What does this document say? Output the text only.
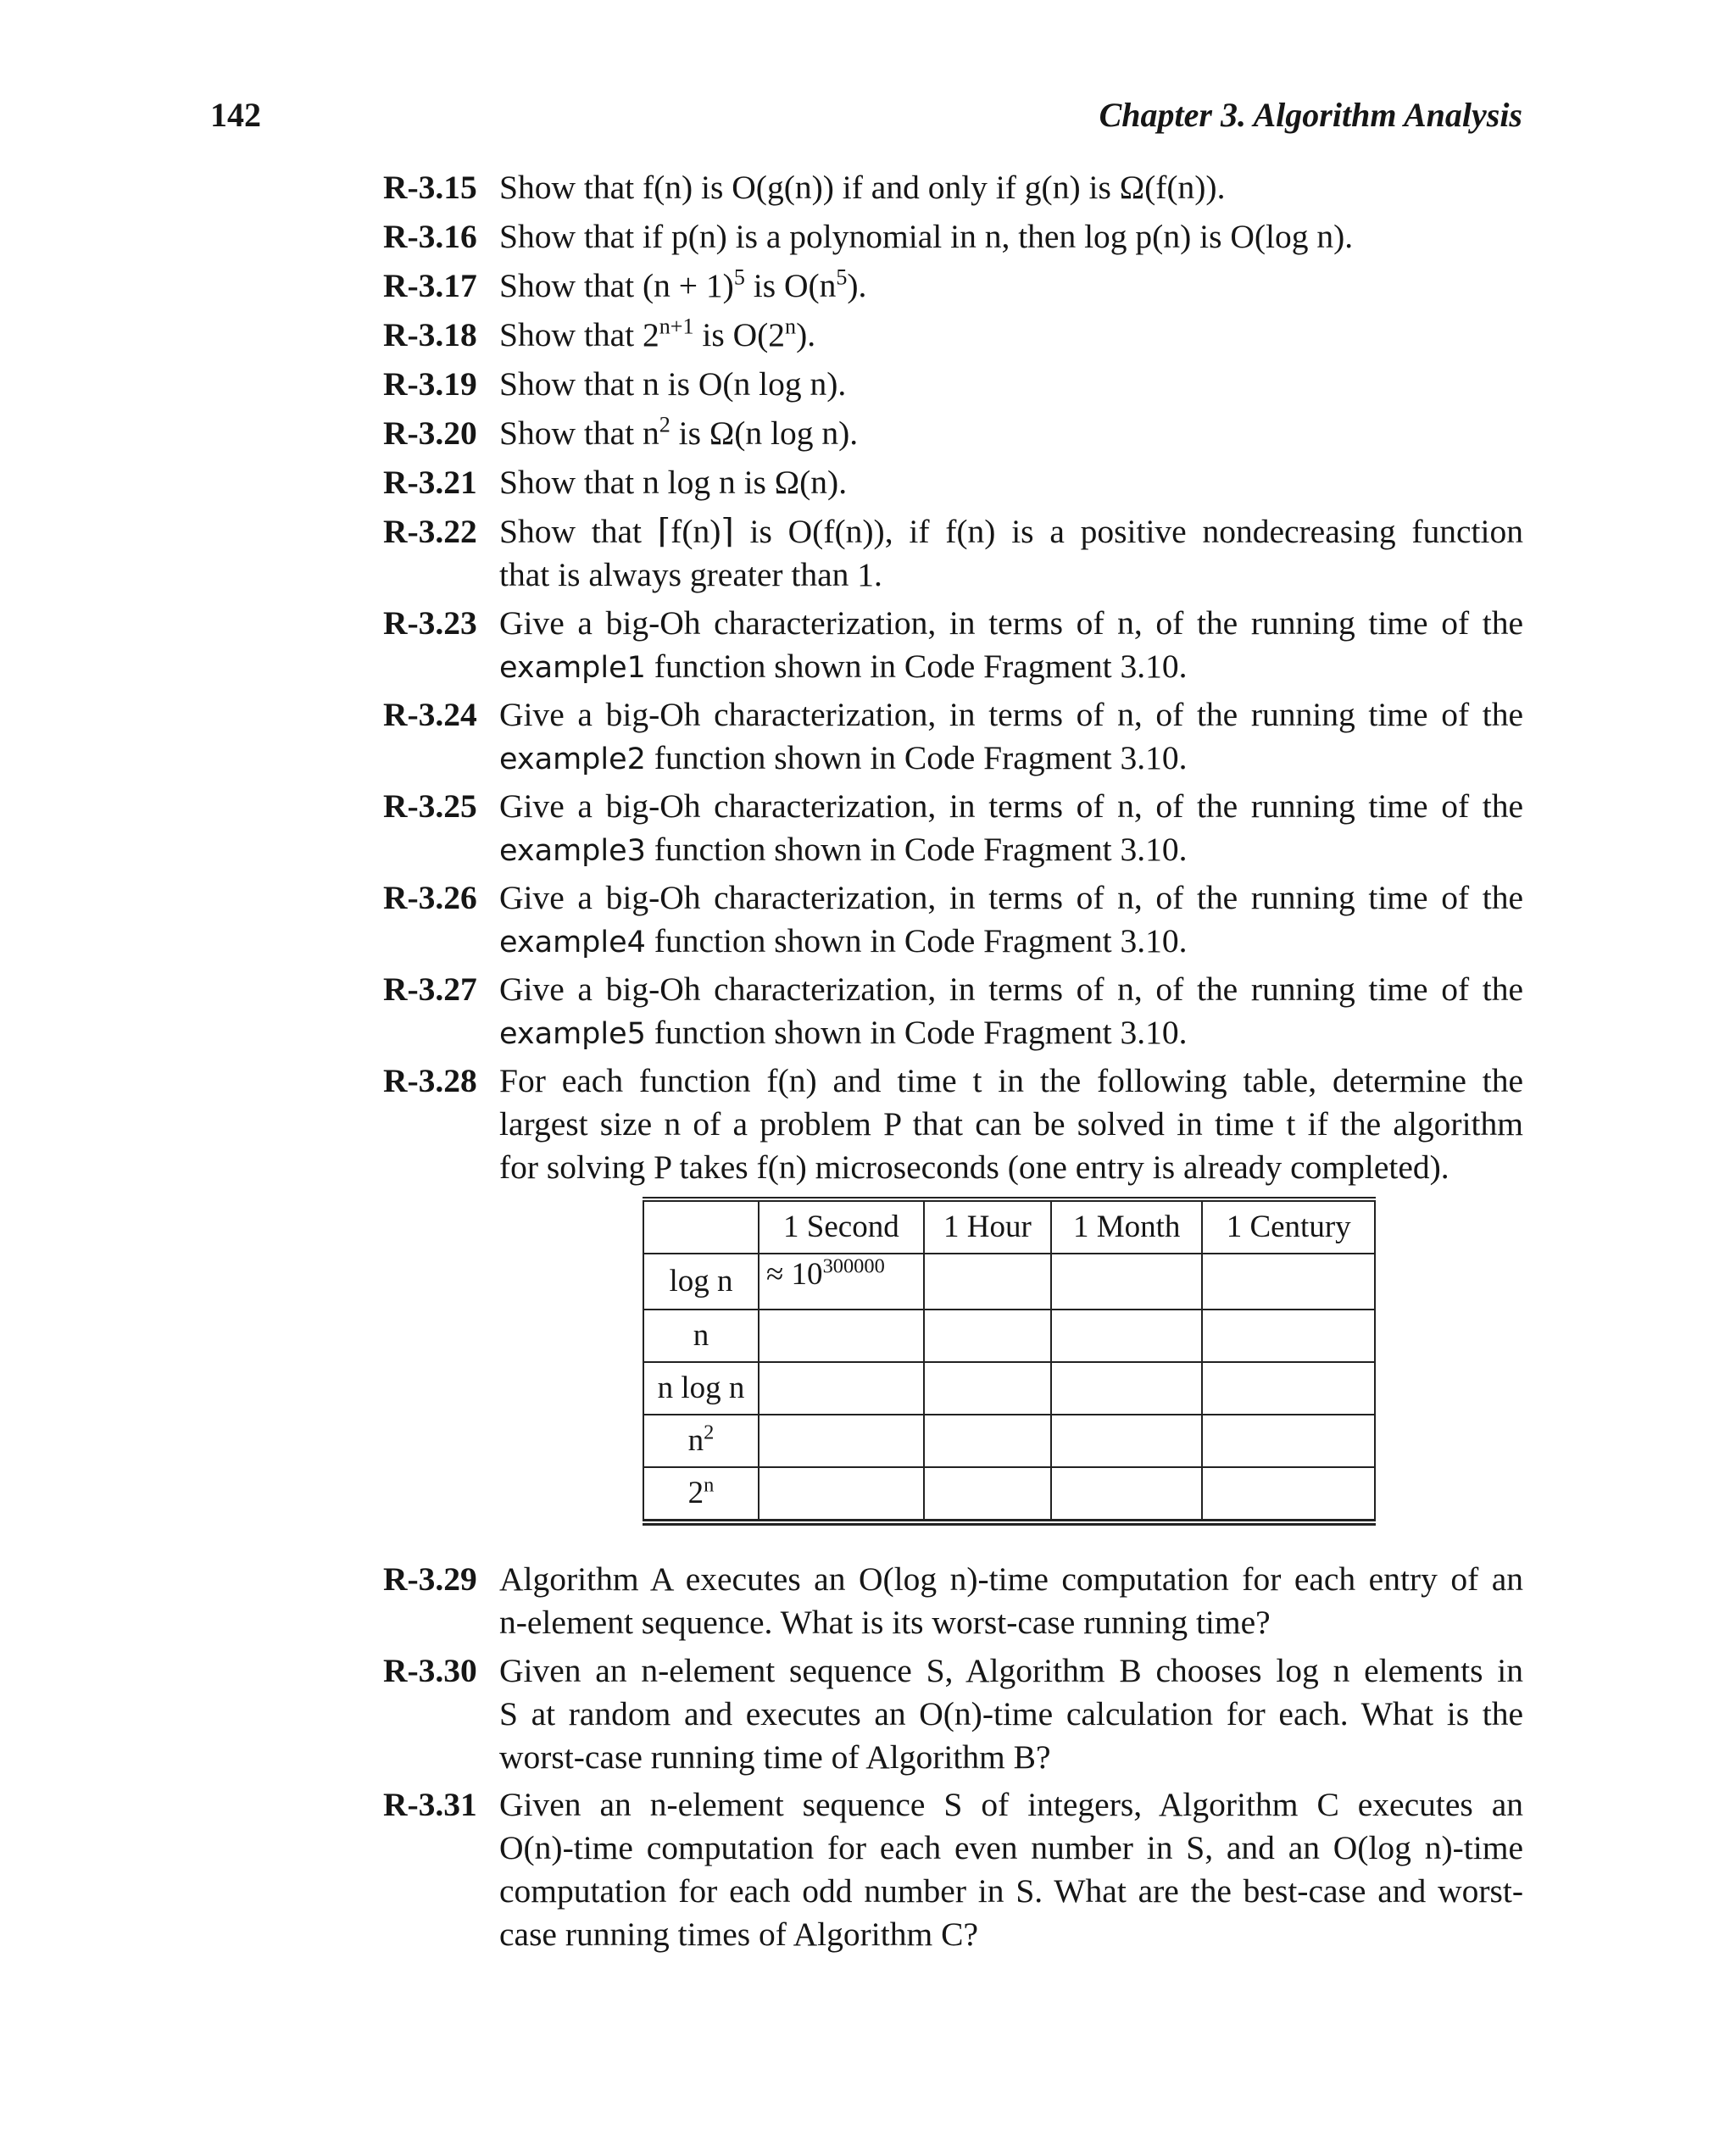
142	Chapter 3. Algorithm Analysis
R-3.15 Show that f(n) is O(g(n)) if and only if g(n) is Ω(f(n)).
R-3.16 Show that if p(n) is a polynomial in n, then log p(n) is O(log n).
R-3.17 Show that $(n + 1)^5$ is $O(n^5)$.
R-3.18 Show that $2^{n+1}$ is O(2$^n$).
R-3.19 Show that n is O(n log n).
R-3.20 Show that $n^2$ is Ω(n log n).
R-3.21 Show that n log n is Ω(n).
R-3.22 Show that ⌈f(n)⌉ is O(f(n)), if f(n) is a positive nondecreasing function
that is always greater than 1.
R-3.23 Give a big-Oh characterization, in terms of n, of the running time of the
example1 function shown in Code Fragment 3.10.
R-3.24 Give a big-Oh characterization, in terms of n, of the running time of the
example2 function shown in Code Fragment 3.10.
R-3.25 Give a big-Oh characterization, in terms of n, of the running time of the
example3 function shown in Code Fragment 3.10.
R-3.26 Give a big-Oh characterization, in terms of n, of the running time of the
example4 function shown in Code Fragment 3.10.
R-3.27 Give a big-Oh characterization, in terms of n, of the running time of the
example5 function shown in Code Fragment 3.10.
R-3.28 For each function f(n) and time t in the following table, determine the
largest size n of a problem P that can be solved in time t if the algorithm
for solving P takes f(n) microseconds (one entry is already completed).
	1 Second	1 Hour	1 Month	1 Century
log n	≈ $10^{300000}$			
n				
n log n				
$n^2$				
2$^n$				
R-3.29 Algorithm A executes an O(log n)-time computation for each entry of an
n-element sequence. What is its worst-case running time?
R-3.30 Given an n-element sequence S, Algorithm B chooses log n elements in
S at random and executes an O(n)-time calculation for each. What is the
worst-case running time of Algorithm B?
R-3.31 Given an n-element sequence S of integers, Algorithm C executes an
O(n)-time computation for each even number in S, and an O(log n)-time
computation for each odd number in S. What are the best-case and worst-
case running times of Algorithm C?
